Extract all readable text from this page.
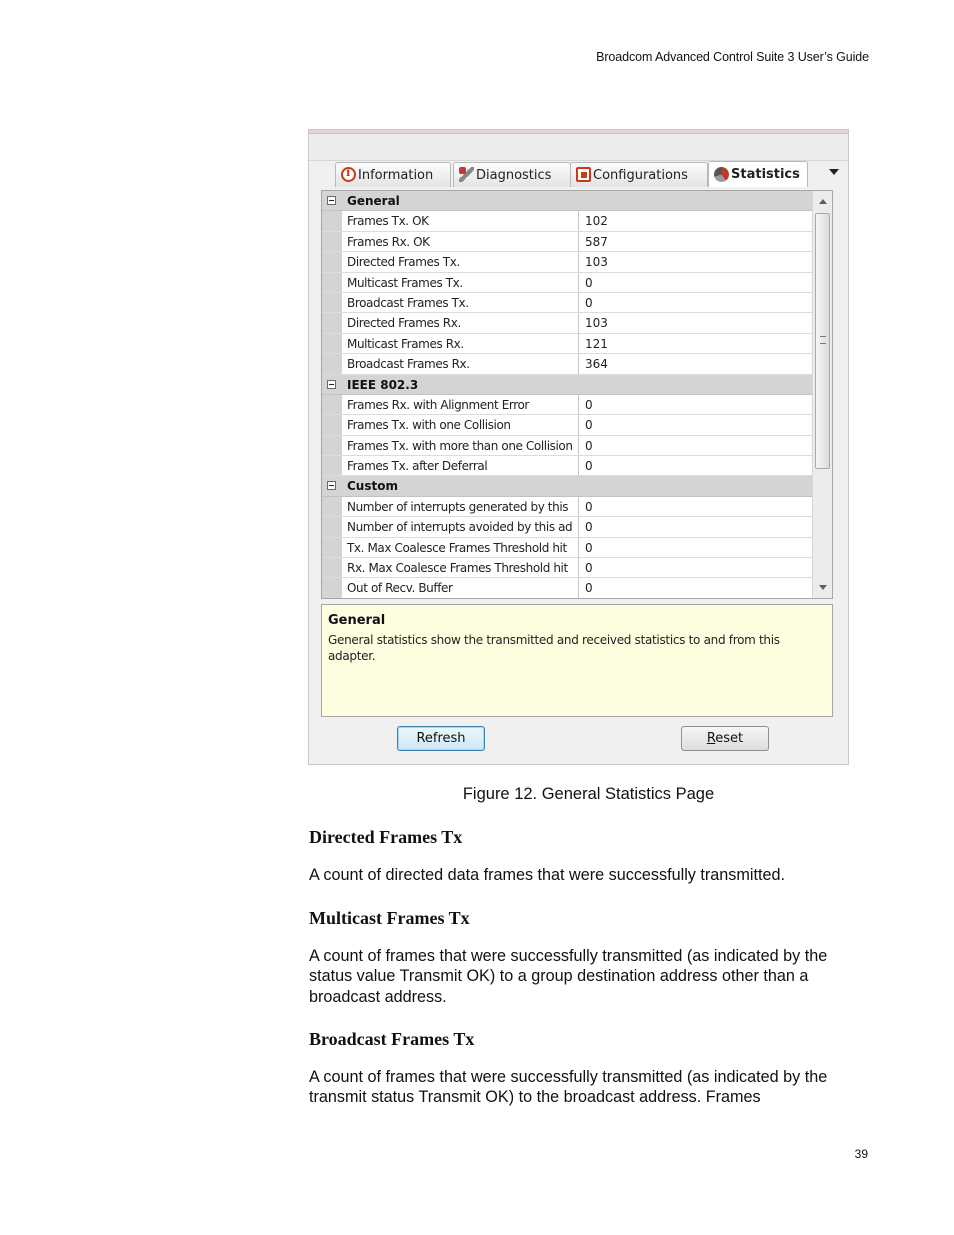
Broadcom Advanced Control Suite 3 User’s Guide
i
Information	Diagnostics	Configurations	Statistics
General
Frames Tx. OK	102
Frames Rx. OK	587
Directed Frames Tx.	103
Multicast Frames Tx.	0
Broadcast Frames Tx.	0
Directed Frames Rx.	103
Multicast Frames Rx.	121
Broadcast Frames Rx.	364
IEEE 802.3
Frames Rx. with Alignment Error	0
Frames Tx. with one Collision	0
Frames Tx. with more than one Collision	0
Frames Tx. after Deferral	0
Custom
Number of interrupts generated by this	0
Number of interrupts avoided by this ad	0
Tx. Max Coalesce Frames Threshold hit	0
Rx. Max Coalesce Frames Threshold hit	0
Out of Recv. Buffer	0
General
General statistics show the transmitted and received statistics to and from this adapter.
Refresh	Reset
Figure 12. General Statistics Page
Directed Frames Tx
A count of directed data frames that were successfully transmitted.
Multicast Frames Tx
A count of frames that were successfully transmitted (as indicated by the status value Transmit OK) to a group destination address other than a broadcast address.
Broadcast Frames Tx
A count of frames that were successfully transmitted (as indicated by the transmit status Transmit OK) to the broadcast address. Frames
39
